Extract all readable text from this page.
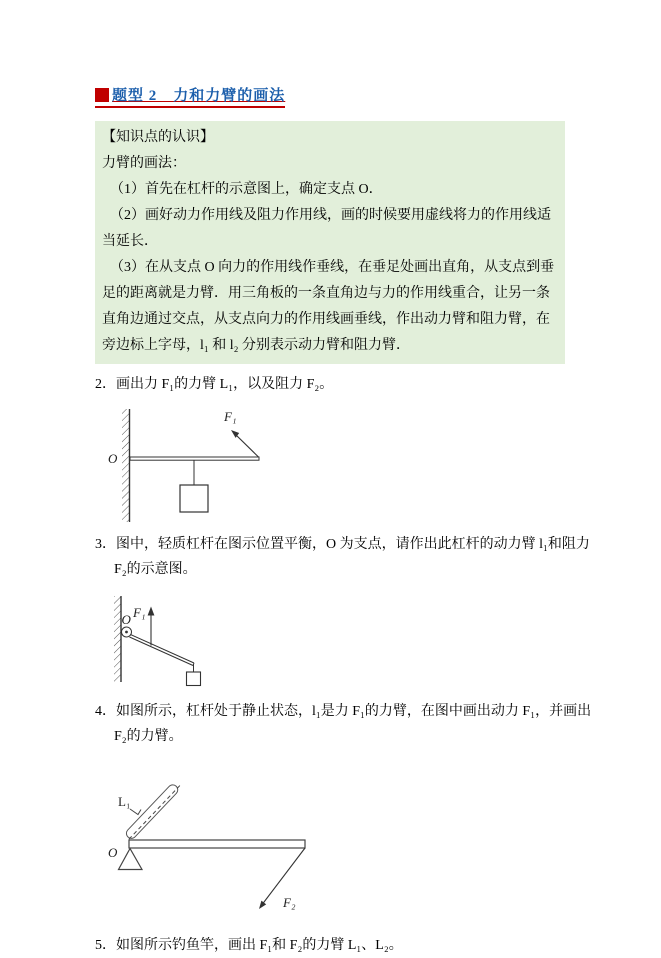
题型 2　力和力臂的画法
【知识点的认识】
力臂的画法：
（1）首先在杠杆的示意图上，确定支点 O．
（2）画好动力作用线及阻力作用线，画的时候要用虚线将力的作用线适当延长．
（3）在从支点 O 向力的作用线作垂线，在垂足处画出直角，从支点到垂足的距离就是力臂．用三角板的一条直角边与力的作用线重合，让另一条直角边通过交点，从支点向力的作用线画垂线，作出动力臂和阻力臂，在旁边标上字母，l₁ 和 l₂ 分别表示动力臂和阻力臂．
2．画出力 F₁的力臂 L₁，以及阻力 F₂。
O
F₁
3．图中，轻质杠杆在图示位置平衡，O 为支点，请作出此杠杆的动力臂 l₁和阻力 F₂的示意图。
O F₁
4．如图所示，杠杆处于静止状态，l₁是力 F₁的力臂，在图中画出动力 F₁，并画出 F₂的力臂。
O
L₁
F₂
5．如图所示钓鱼竿，画出 F₁和 F₂的力臂 L₁、L₂。
